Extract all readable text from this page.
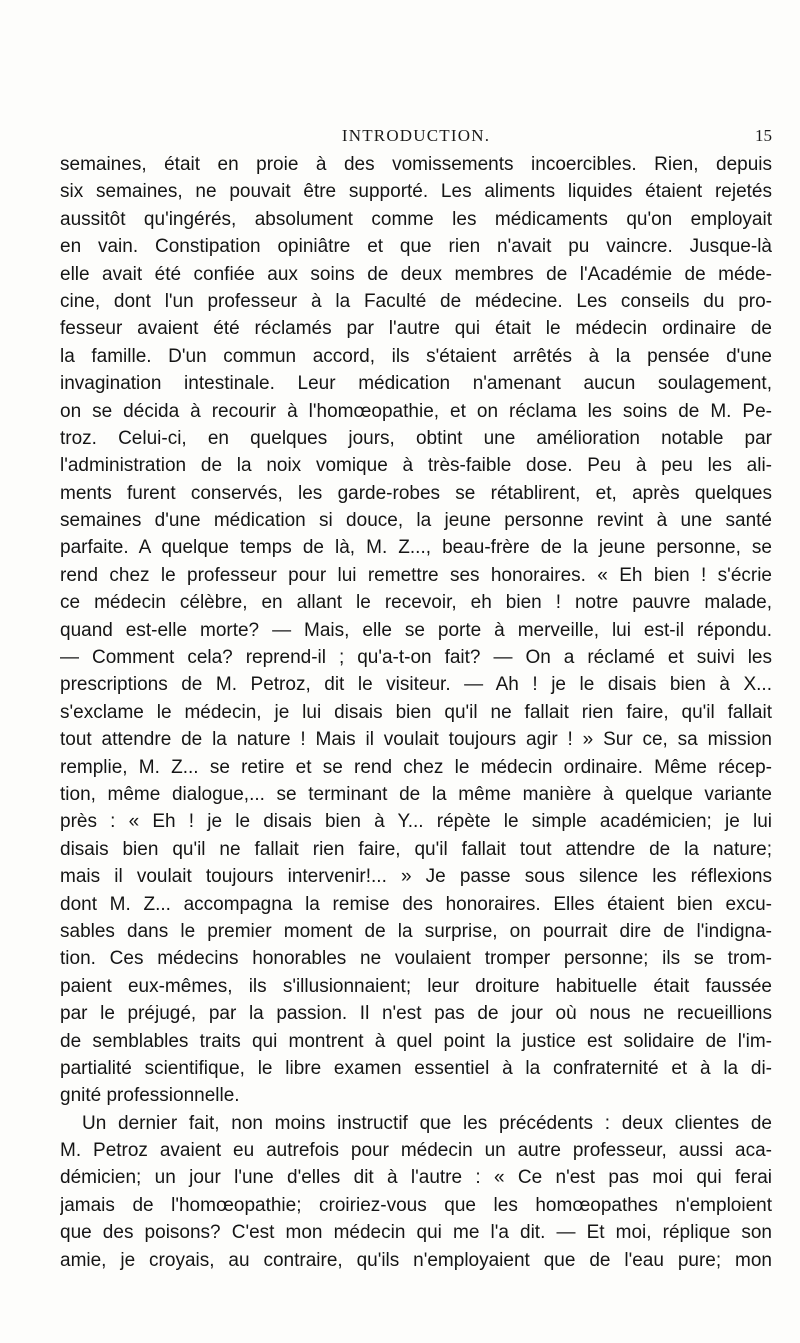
INTRODUCTION.	15
semaines, était en proie à des vomissements incoercibles. Rien, depuis
six semaines, ne pouvait être supporté. Les aliments liquides étaient rejetés
aussitôt qu'ingérés, absolument comme les médicaments qu'on employait
en vain. Constipation opiniâtre et que rien n'avait pu vaincre. Jusque-là
elle avait été confiée aux soins de deux membres de l'Académie de méde-
cine, dont l'un professeur à la Faculté de médecine. Les conseils du pro-
fesseur avaient été réclamés par l'autre qui était le médecin ordinaire de
la famille. D'un commun accord, ils s'étaient arrêtés à la pensée d'une
invagination intestinale. Leur médication n'amenant aucun soulagement,
on se décida à recourir à l'homœopathie, et on réclama les soins de M. Pe-
troz. Celui-ci, en quelques jours, obtint une amélioration notable par
l'administration de la noix vomique à très-faible dose. Peu à peu les ali-
ments furent conservés, les garde-robes se rétablirent, et, après quelques
semaines d'une médication si douce, la jeune personne revint à une santé
parfaite. A quelque temps de là, M. Z..., beau-frère de la jeune personne, se
rend chez le professeur pour lui remettre ses honoraires. « Eh bien ! s'écrie
ce médecin célèbre, en allant le recevoir, eh bien ! notre pauvre malade,
quand est-elle morte? — Mais, elle se porte à merveille, lui est-il répondu.
— Comment cela? reprend-il ; qu'a-t-on fait? — On a réclamé et suivi les
prescriptions de M. Petroz, dit le visiteur. — Ah ! je le disais bien à X...
s'exclame le médecin, je lui disais bien qu'il ne fallait rien faire, qu'il fallait
tout attendre de la nature ! Mais il voulait toujours agir ! » Sur ce, sa mission
remplie, M. Z... se retire et se rend chez le médecin ordinaire. Même récep-
tion, même dialogue,... se terminant de la même manière à quelque variante
près : « Eh ! je le disais bien à Y... répète le simple académicien; je lui
disais bien qu'il ne fallait rien faire, qu'il fallait tout attendre de la nature;
mais il voulait toujours intervenir!... » Je passe sous silence les réflexions
dont M. Z... accompagna la remise des honoraires. Elles étaient bien excu-
sables dans le premier moment de la surprise, on pourrait dire de l'indigna-
tion. Ces médecins honorables ne voulaient tromper personne; ils se trom-
paient eux-mêmes, ils s'illusionnaient; leur droiture habituelle était faussée
par le préjugé, par la passion. Il n'est pas de jour où nous ne recueillions
de semblables traits qui montrent à quel point la justice est solidaire de l'im-
partialité scientifique, le libre examen essentiel à la confraternité et à la di-
gnité professionnelle.
Un dernier fait, non moins instructif que les précédents : deux clientes de
M. Petroz avaient eu autrefois pour médecin un autre professeur, aussi aca-
démicien; un jour l'une d'elles dit à l'autre : « Ce n'est pas moi qui ferai
jamais de l'homœopathie; croiriez-vous que les homœopathes n'emploient
que des poisons? C'est mon médecin qui me l'a dit. — Et moi, réplique son
amie, je croyais, au contraire, qu'ils n'employaient que de l'eau pure; mon
